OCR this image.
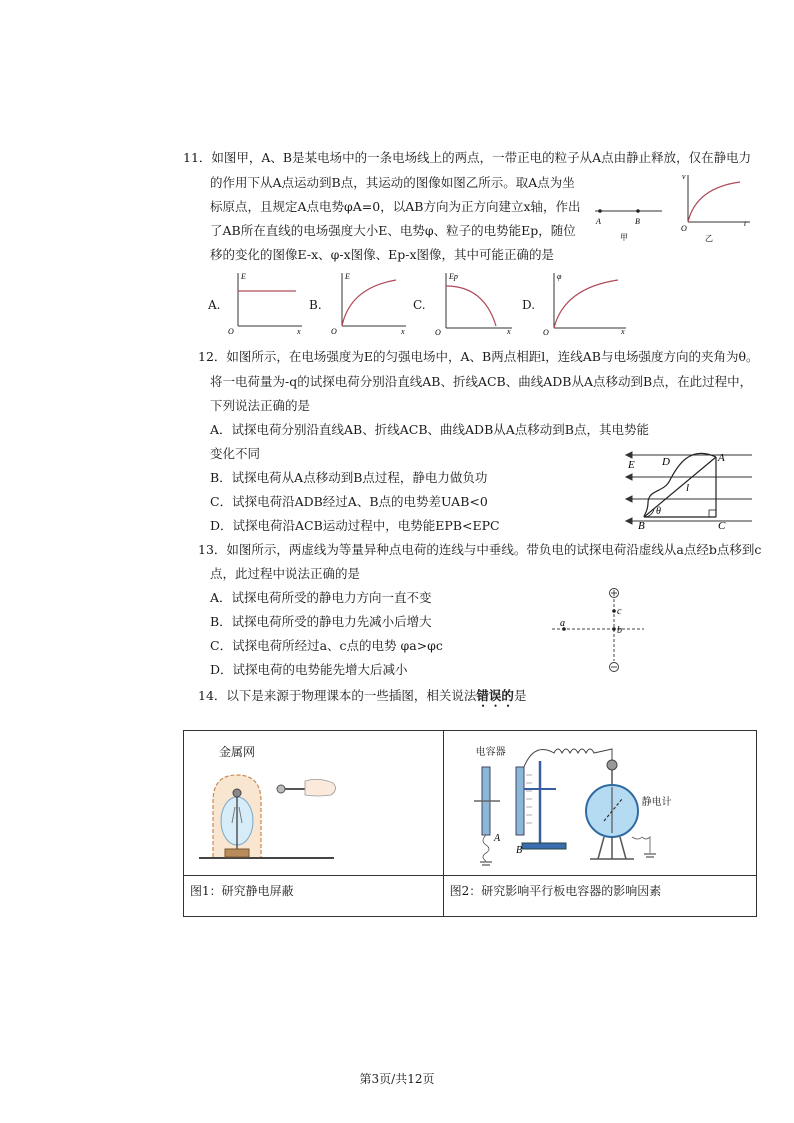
11．如图甲，A、B是某电场中的一条电场线上的两点，一带正电的粒子从A点由静止释放，仅在静电力
的作用下从A点运动到B点，其运动的图像如图乙所示。取A点为坐
标原点，且规定A点电势φA=0，以AB方向为正方向建立x轴，作出
了AB所在直线的电场强度大小E、电势φ、粒子的电势能Ep，随位
移的变化的图像E-x、φ-x图像、Ep-x图像，其中可能正确的是
A	B
甲
v
t
O
乙
A.
E
x
O
B.
E
x
O
C.
Ep
x
O
D.
φ
x
O
12．如图所示，在电场强度为E的匀强电场中，A、B两点相距l，连线AB与电场强度方向的夹角为θ。
将一电荷量为-q的试探电荷分别沿直线AB、折线ACB、曲线ADB从A点移动到B点，在此过程中，
下列说法正确的是
A．试探电荷分别沿直线AB、折线ACB、曲线ADB从A点移动到B点，其电势能
变化不同
B．试探电荷从A点移动到B点过程，静电力做负功
C．试探电荷沿ADB经过A、B点的电势差UAB<0
D．试探电荷沿ACB运动过程中，电势能EPB<EPC
E D	A
l
B
θ
C
13．如图所示，两虚线为等量异种点电荷的连线与中垂线。带负电的试探电荷沿虚线从a点经b点移到c
点，此过程中说法正确的是
A．试探电荷所受的静电力方向一直不变
B．试探电荷所受的静电力先减小后增大
C．试探电荷所经过a、c点的电势 φa>φc
D．试探电荷的电势能先增大后减小
a
b
c
14．以下是来源于物理课本的一些插图，相关说法错误的是
金属网	电容器
静电计
A
B

图1：研究静电屏蔽	图2：研究影响平行板电容器的影响因素
第3页/共12页
